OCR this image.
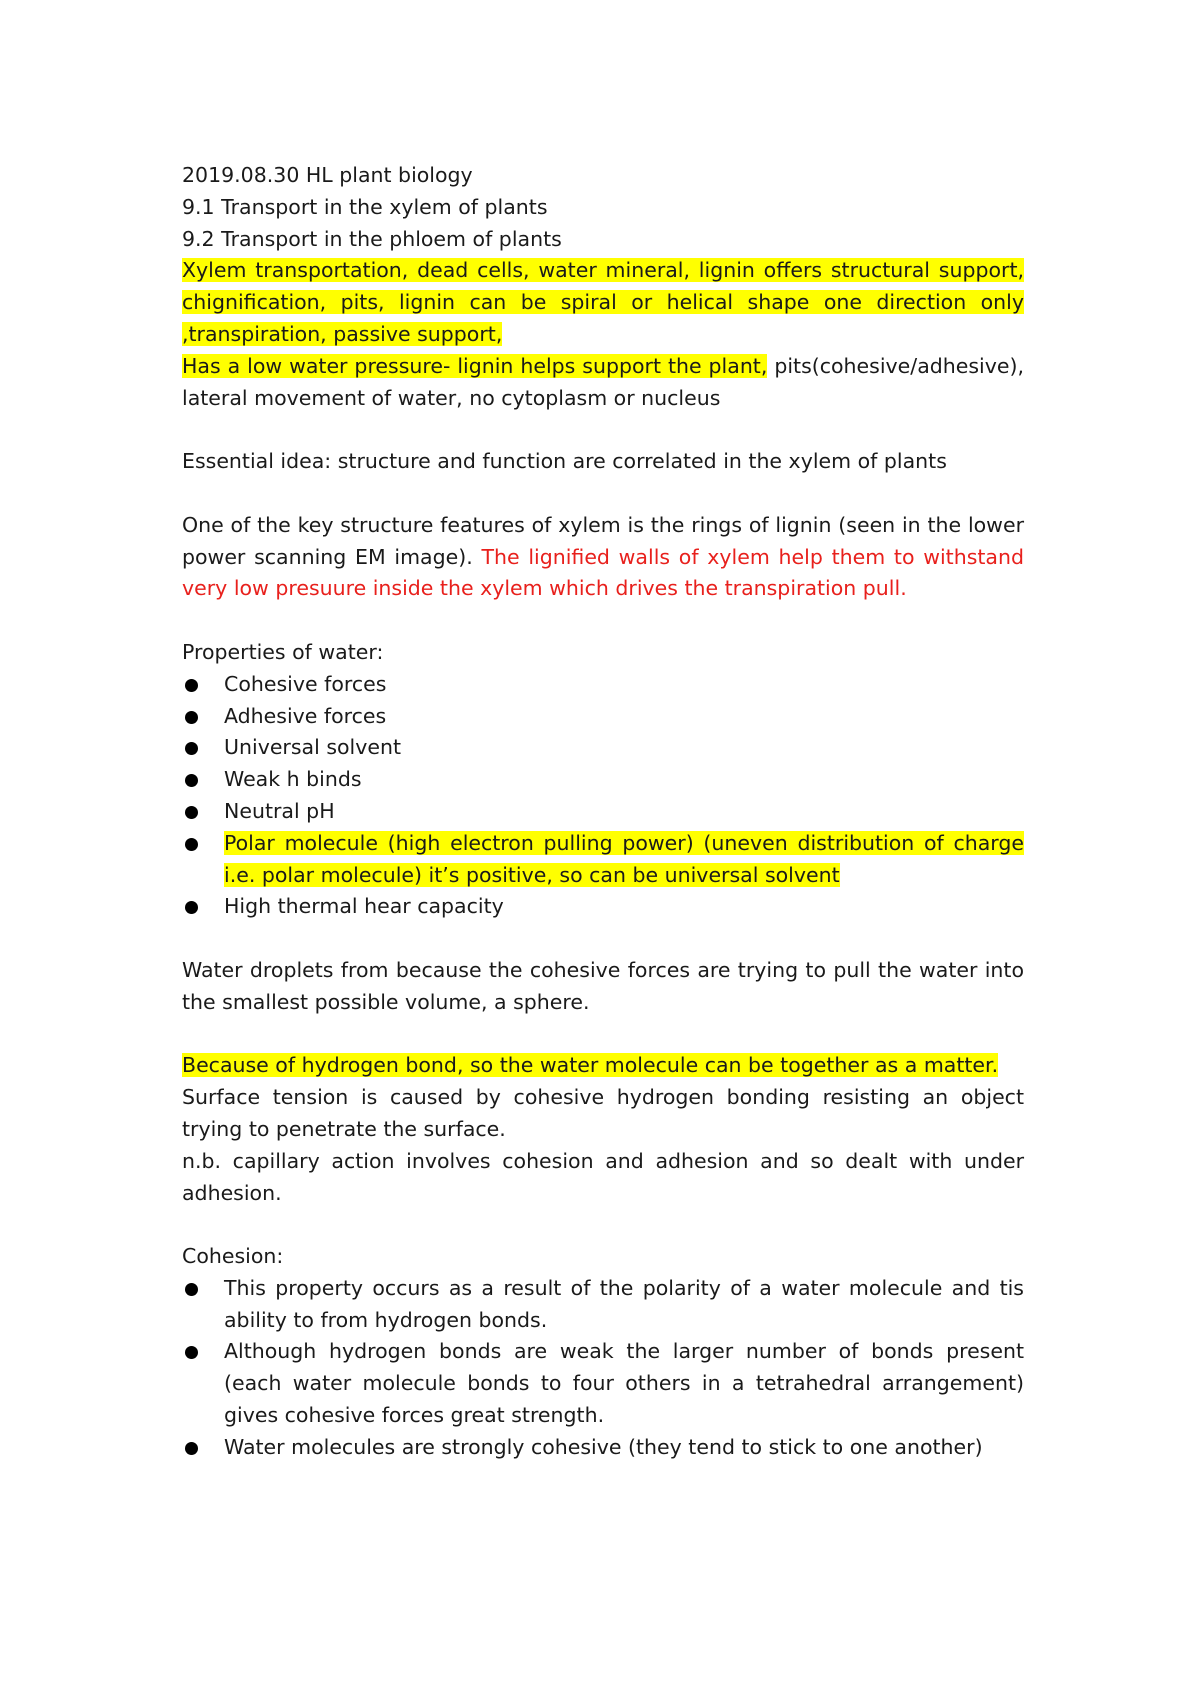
2019.08.30 HL plant biology
9.1 Transport in the xylem of plants
9.2 Transport in the phloem of plants
Xylem transportation, dead cells, water mineral, lignin offers structural support, chignification, pits, lignin can be spiral or helical shape one direction only ,transpiration, passive support,
Has a low water pressure- lignin helps support the plant, pits(cohesive/adhesive), lateral movement of water, no cytoplasm or nucleus
Essential idea: structure and function are correlated in the xylem of plants
One of the key structure features of xylem is the rings of lignin (seen in the lower power scanning EM image). The lignified walls of xylem help them to withstand very low presuure inside the xylem which drives the transpiration pull.
Properties of water:
Cohesive forces
Adhesive forces
Universal solvent
Weak h binds
Neutral pH
Polar molecule (high electron pulling power) (uneven distribution of charge i.e. polar molecule) it’s positive, so can be universal solvent
High thermal hear capacity
Water droplets from because the cohesive forces are trying to pull the water into the smallest possible volume, a sphere.
Because of hydrogen bond, so the water molecule can be together as a matter.
Surface tension is caused by cohesive hydrogen bonding resisting an object trying to penetrate the surface.
n.b. capillary action involves cohesion and adhesion and so dealt with under adhesion.
Cohesion:
This property occurs as a result of the polarity of a water molecule and tis ability to from hydrogen bonds.
Although hydrogen bonds are weak the larger number of bonds present (each water molecule bonds to four others in a tetrahedral arrangement) gives cohesive forces great strength.
Water molecules are strongly cohesive (they tend to stick to one another)
